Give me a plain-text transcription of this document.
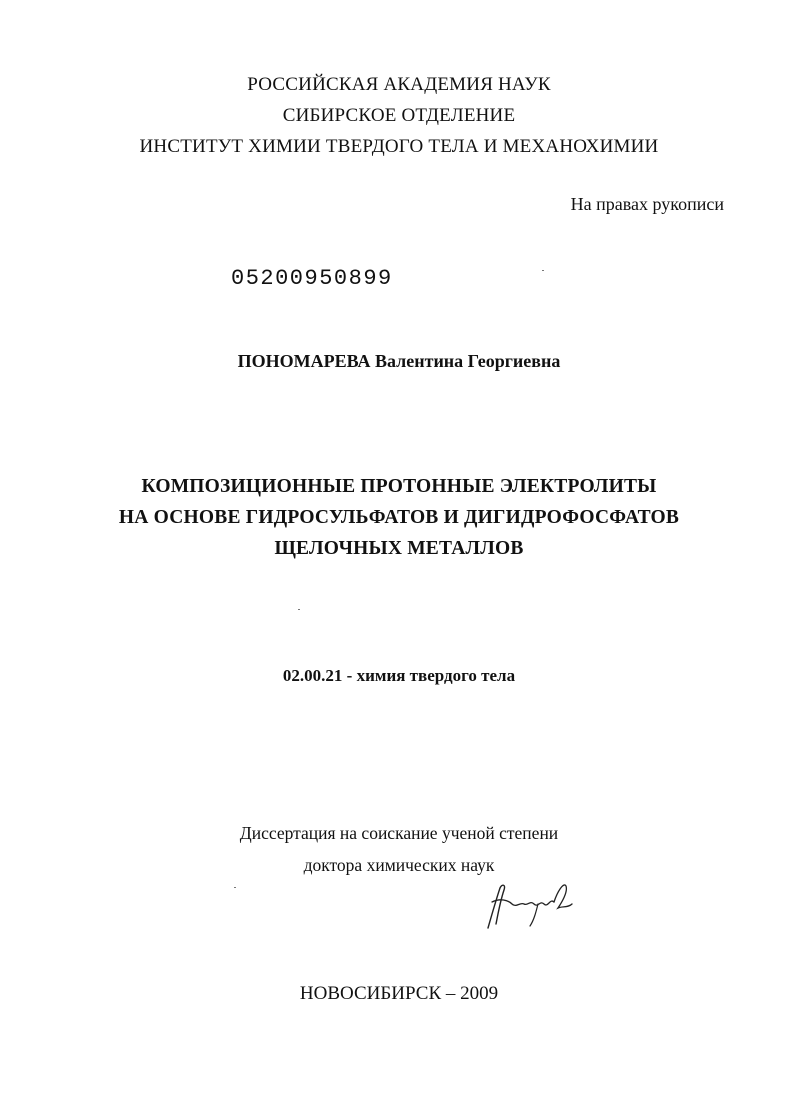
РОССИЙСКАЯ АКАДЕМИЯ НАУК
СИБИРСКОЕ ОТДЕЛЕНИЕ
ИНСТИТУТ ХИМИИ ТВЕРДОГО ТЕЛА И МЕХАНОХИМИИ
На правах рукописи
05200950899
ПОНОМАРЕВА Валентина Георгиевна
КОМПОЗИЦИОННЫЕ ПРОТОННЫЕ ЭЛЕКТРОЛИТЫ
НА ОСНОВЕ ГИДРОСУЛЬФАТОВ И ДИГИДРОФОСФАТОВ
ЩЕЛОЧНЫХ МЕТАЛЛОВ
02.00.21 - химия твердого тела
Диссертация на соискание ученой степени
доктора химических наук
НОВОСИБИРСК – 2009
